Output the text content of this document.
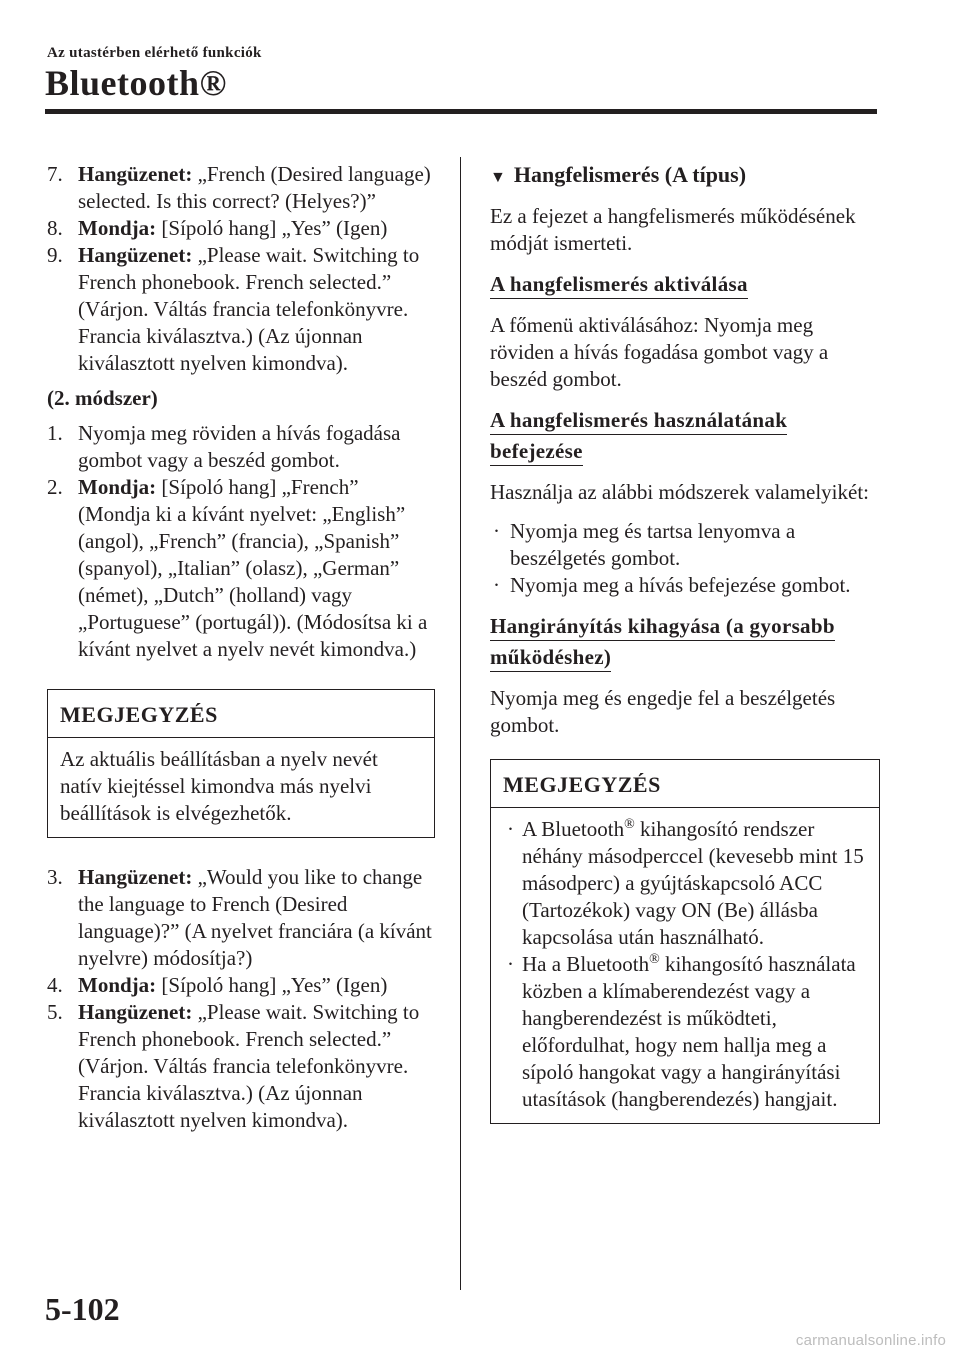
Az utastérben elérhető funkciók
Bluetooth®
7. Hangüzenet: „French (Desired language) selected. Is this correct? (Helyes?)”
8. Mondja: [Sípoló hang] „Yes” (Igen)
9. Hangüzenet: „Please wait. Switching to French phonebook. French selected.” (Várjon. Váltás francia telefonkönyvre. Francia kiválasztva.) (Az újonnan kiválasztott nyelven kimondva).
(2. módszer)
1. Nyomja meg röviden a hívás fogadása gombot vagy a beszéd gombot.
2. Mondja: [Sípoló hang] „French” (Mondja ki a kívánt nyelvet: „English” (angol), „French” (francia), „Spanish” (spanyol), „Italian” (olasz), „German” (német), „Dutch” (holland) vagy „Portuguese” (portugál)). (Módosítsa ki a kívánt nyelvet a nyelv nevét kimondva.)
MEGJEGYZÉS
Az aktuális beállításban a nyelv nevét natív kiejtéssel kimondva más nyelvi beállítások is elvégezhetők.
3. Hangüzenet: „Would you like to change the language to French (Desired language)?” (A nyelvet franciára (a kívánt nyelvre) módosítja?)
4. Mondja: [Sípoló hang] „Yes” (Igen)
5. Hangüzenet: „Please wait. Switching to French phonebook. French selected.” (Várjon. Váltás francia telefonkönyvre. Francia kiválasztva.) (Az újonnan kiválasztott nyelven kimondva).
▼ Hangfelismerés (A típus)
Ez a fejezet a hangfelismerés működésének módját ismerteti.
A hangfelismerés aktiválása
A főmenü aktiválásához: Nyomja meg röviden a hívás fogadása gombot vagy a beszéd gombot.
A hangfelismerés használatának befejezése
Használja az alábbi módszerek valamelyikét:
· Nyomja meg és tartsa lenyomva a beszélgetés gombot.
· Nyomja meg a hívás befejezése gombot.
Hangirányítás kihagyása (a gyorsabb működéshez)
Nyomja meg és engedje fel a beszélgetés gombot.
MEGJEGYZÉS
· A Bluetooth® kihangosító rendszer néhány másodperccel (kevesebb mint 15 másodperc) a gyújtáskapcsoló ACC (Tartozékok) vagy ON (Be) állásba kapcsolása után használható.
· Ha a Bluetooth® kihangosító használata közben a klímaberendezést vagy a hangberendezést is működteti, előfordulhat, hogy nem hallja meg a sípoló hangokat vagy a hangirányítási utasítások (hangberendezés) hangjait.
5-102
carmanualsonline.info
